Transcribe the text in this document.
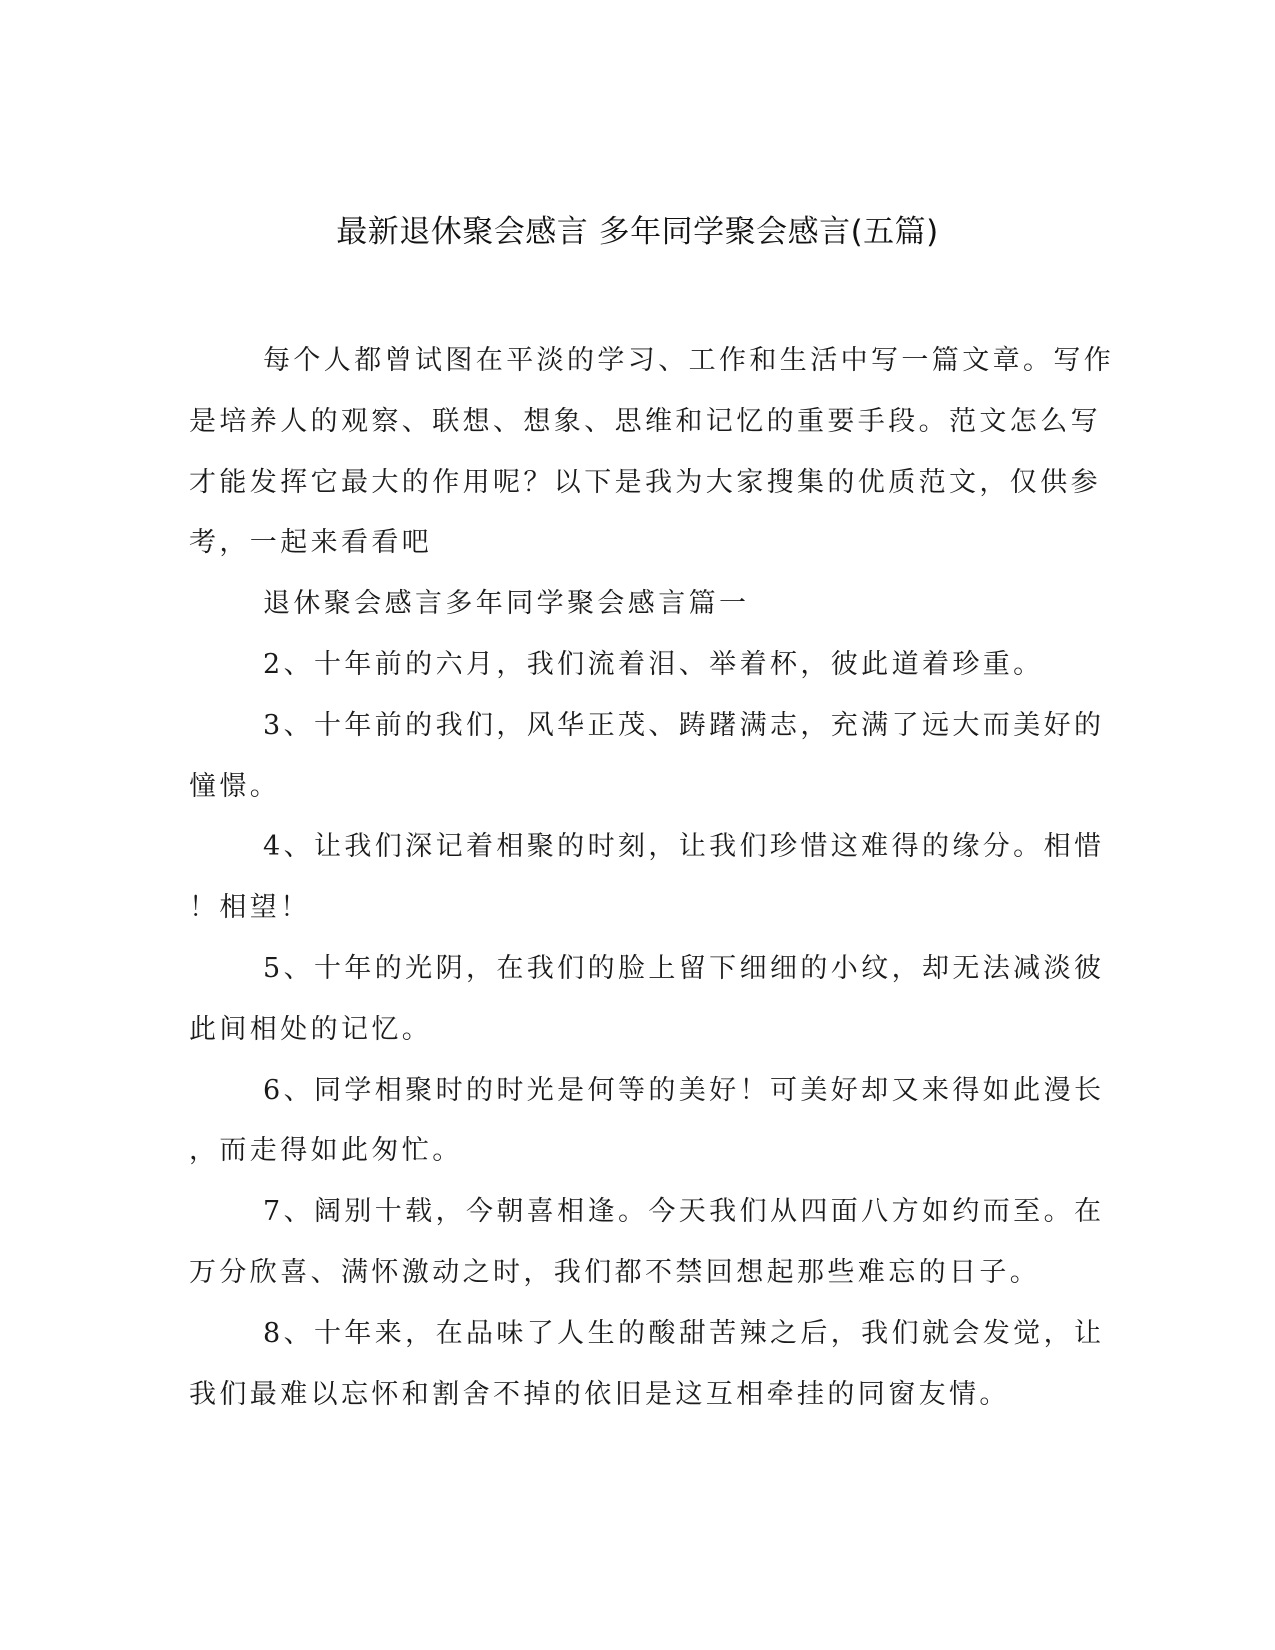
最新退休聚会感言 多年同学聚会感言(五篇)
每个人都曾试图在平淡的学习、工作和生活中写一篇文章。写作
是培养人的观察、联想、想象、思维和记忆的重要手段。范文怎么写
才能发挥它最大的作用呢？以下是我为大家搜集的优质范文，仅供参
考，一起来看看吧
退休聚会感言多年同学聚会感言篇一
2、十年前的六月，我们流着泪、举着杯，彼此道着珍重。
3、十年前的我们，风华正茂、踌躇满志，充满了远大而美好的
憧憬。
4、让我们深记着相聚的时刻，让我们珍惜这难得的缘分。相惜
！相望！
5、十年的光阴，在我们的脸上留下细细的小纹，却无法减淡彼
此间相处的记忆。
6、同学相聚时的时光是何等的美好！可美好却又来得如此漫长
，而走得如此匆忙。
7、阔别十载，今朝喜相逢。今天我们从四面八方如约而至。在
万分欣喜、满怀激动之时，我们都不禁回想起那些难忘的日子。
8、十年来，在品味了人生的酸甜苦辣之后，我们就会发觉，让
我们最难以忘怀和割舍不掉的依旧是这互相牵挂的同窗友情。
